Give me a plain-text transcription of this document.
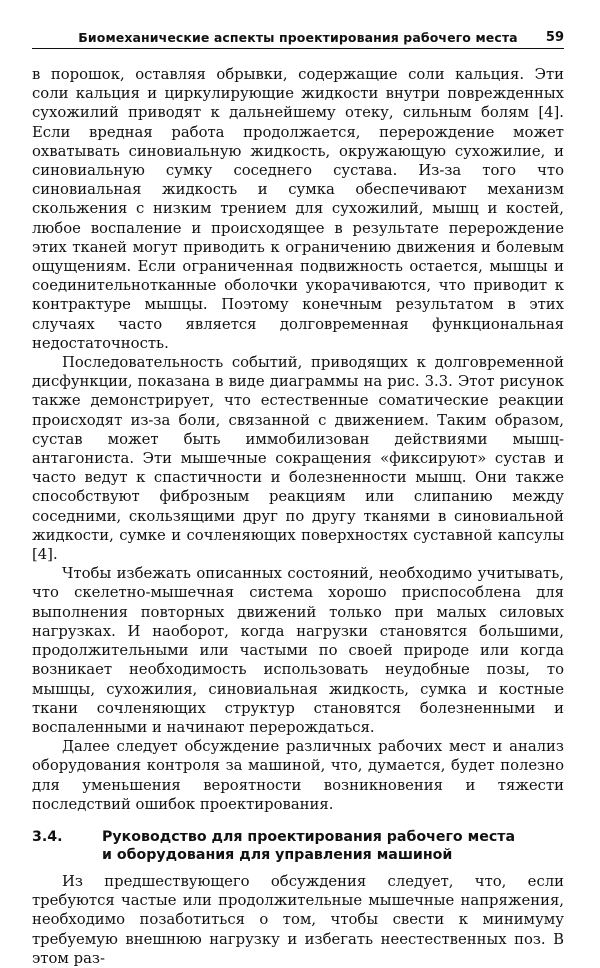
Биомеханические аспекты проектирования рабочего места 59

в порошок, оставляя обрывки, содержащие соли кальция. Эти соли кальция и циркулирующие жидкости внутри поврежденных сухожилий приводят к дальнейшему отеку, сильным болям [4]. Если вредная работа продолжается, перерождение может охватывать синовиальную жидкость, окружающую сухожилие, и синовиальную сумку соседнего сустава. Из-за того что синовиальная жидкость и сумка обеспечивают механизм скольжения с низким трением для сухожилий, мышц и костей, любое воспаление и происходящее в результате перерождение этих тканей могут приводить к ограничению движения и болевым ощущениям. Если ограниченная подвижность остается, мышцы и соединительнотканные оболочки укорачиваются, что приводит к контрактуре мышцы. Поэтому конечным результатом в этих случаях часто является долговременная функциональная недостаточность.

Последовательность событий, приводящих к долговременной дисфункции, показана в виде диаграммы на рис. 3.3. Этот рисунок также демонстрирует, что естественные соматические реакции происходят из-за боли, связанной с движением. Таким образом, сустав может быть иммобилизован действиями мышц-антагониста. Эти мышечные сокращения «фиксируют» сустав и часто ведут к спастичности и болезненности мышц. Они также способствуют фиброзным реакциям или слипанию между соседними, скользящими друг по другу тканями в синовиальной жидкости, сумке и сочленяющих поверхностях суставной капсулы [4].

Чтобы избежать описанных состояний, необходимо учитывать, что скелетно-мышечная система хорошо приспособлена для выполнения повторных движений только при малых силовых нагрузках. И наоборот, когда нагрузки становятся большими, продолжительными или частыми по своей природе или когда возникает необходимость использовать неудобные позы, то мышцы, сухожилия, синовиальная жидкость, сумка и костные ткани сочленяющих структур становятся болезненными и воспаленными и начинают перерождаться.

Далее следует обсуждение различных рабочих мест и анализ оборудования контроля за машиной, что, думается, будет полезно для уменьшения вероятности возникновения и тяжести последствий ошибок проектирования.

3.4.	Руководство для проектирования рабочего места
и оборудования для управления машиной

Из предшествующего обсуждения следует, что, если требуются частые или продолжительные мышечные напряжения, необходимо позаботиться о том, чтобы свести к минимуму требуемую внешнюю нагрузку и избегать неестественных поз. В этом раз-
